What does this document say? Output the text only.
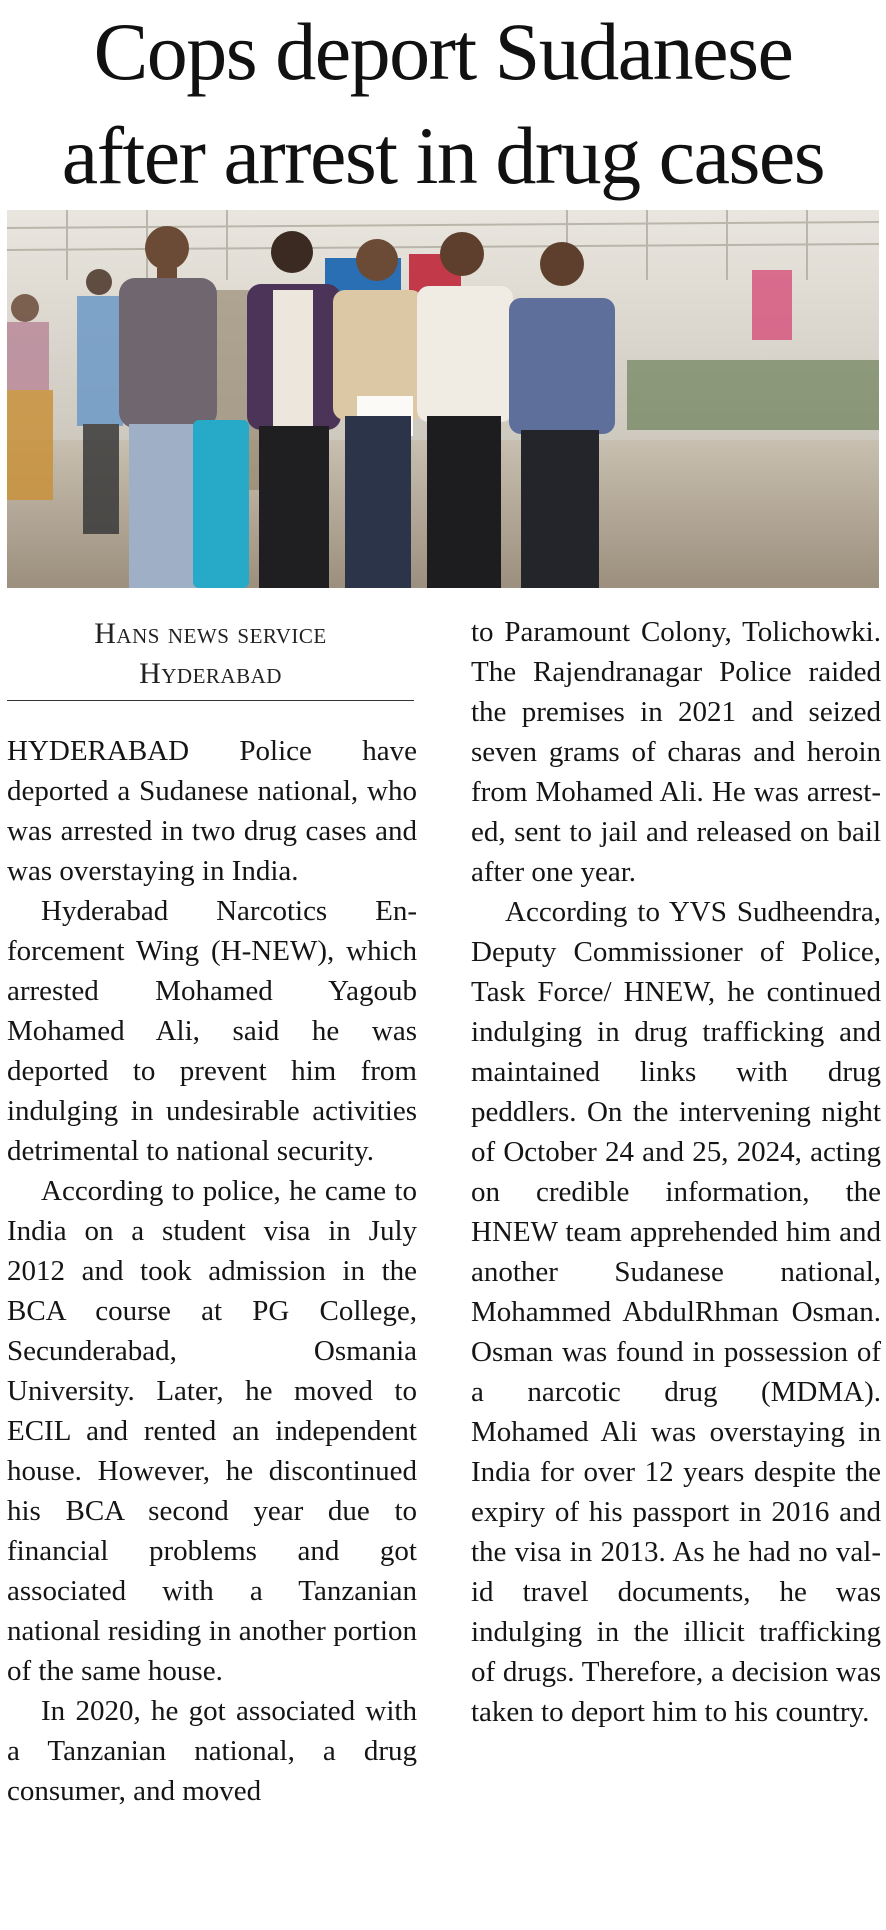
Cops deport Sudanese
after arrest in drug cases
Hans news service
Hyderabad

HYDERABAD Police have deported a Sudanese national, who was arrested in two drug cases and was overstaying in India.

Hyderabad Narcotics Enforcement Wing (H-NEW), which arrested Mohamed Yagoub Mohamed Ali, said he was deported to prevent him from indulging in undesirable activities detrimental to national security.

According to police, he came to India on a student visa in July 2012 and took admission in the BCA course at PG College, Secunderabad, Osmania University. Later, he moved to ECIL and rented an independent house. However, he discontinued his BCA second year due to financial problems and got associated with a Tanzanian national residing in another portion of the same house.

In 2020, he got associated with a Tanzanian national, a drug consumer, and moved

to Paramount Colony, Tolichowki. The Rajendranagar Police raided the premises in 2021 and seized seven grams of charas and heroin from Mohamed Ali. He was arrested, sent to jail and released on bail after one year.

According to YVS Sudheendra, Deputy Commissioner of Police, Task Force/ HNEW, he continued indulging in drug trafficking and maintained links with drug peddlers. On the intervening night of October 24 and 25, 2024, acting on credible information, the HNEW team apprehended him and another Sudanese national, Mohammed AbdulRhman Osman. Osman was found in possession of a narcotic drug (MDMA). Mohamed Ali was overstaying in India for over 12 years despite the expiry of his passport in 2016 and the visa in 2013. As he had no valid travel documents, he was indulging in the illicit trafficking of drugs. Therefore, a decision was taken to deport him to his country.
